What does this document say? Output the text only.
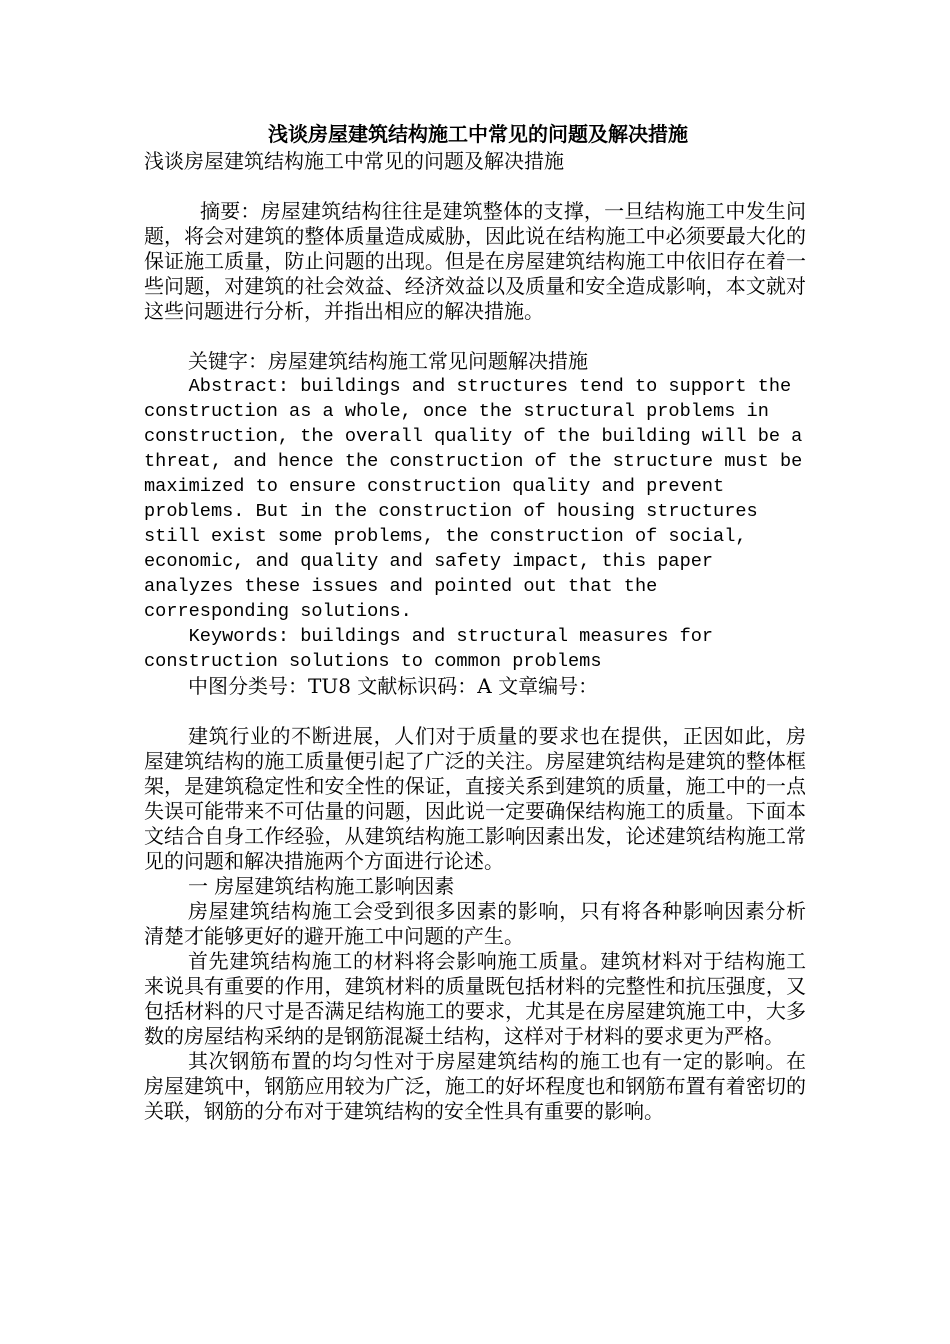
浅谈房屋建筑结构施工中常见的问题及解决措施

浅谈房屋建筑结构施工中常见的问题及解决措施

摘要：房屋建筑结构往往是建筑整体的支撑，一旦结构施工中发生问题，将会对建筑的整体质量造成威胁，因此说在结构施工中必须要最大化的保证施工质量，防止问题的出现。但是在房屋建筑结构施工中依旧存在着一些问题，对建筑的社会效益、经济效益以及质量和安全造成影响，本文就对这些问题进行分析，并指出相应的解决措施。

关键字：房屋建筑结构施工常见问题解决措施

Abstract: buildings and structures tend to support the
construction as a whole, once the structural problems in
construction, the overall quality of the building will be a
threat, and hence the construction of the structure must be
maximized to ensure construction quality and prevent
problems. But in the construction of housing structures
still exist some problems, the construction of social,
economic, and quality and safety impact, this paper
analyzes these issues and pointed out that the
corresponding solutions.

Keywords: buildings and structural measures for
construction solutions to common problems

中图分类号：TU8 文献标识码：A 文章编号：

建筑行业的不断进展，人们对于质量的要求也在提供，正因如此，房屋建筑结构的施工质量便引起了广泛的关注。房屋建筑结构是建筑的整体框架，是建筑稳定性和安全性的保证，直接关系到建筑的质量，施工中的一点失误可能带来不可估量的问题，因此说一定要确保结构施工的质量。下面本文结合自身工作经验，从建筑结构施工影响因素出发，论述建筑结构施工常见的问题和解决措施两个方面进行论述。

一 房屋建筑结构施工影响因素

房屋建筑结构施工会受到很多因素的影响，只有将各种影响因素分析清楚才能够更好的避开施工中问题的产生。

首先建筑结构施工的材料将会影响施工质量。建筑材料对于结构施工来说具有重要的作用，建筑材料的质量既包括材料的完整性和抗压强度，又包括材料的尺寸是否满足结构施工的要求，尤其是在房屋建筑施工中，大多数的房屋结构采纳的是钢筋混凝土结构，这样对于材料的要求更为严格。

其次钢筋布置的均匀性对于房屋建筑结构的施工也有一定的影响。在房屋建筑中，钢筋应用较为广泛，施工的好坏程度也和钢筋布置有着密切的关联，钢筋的分布对于建筑结构的安全性具有重要的影响。
